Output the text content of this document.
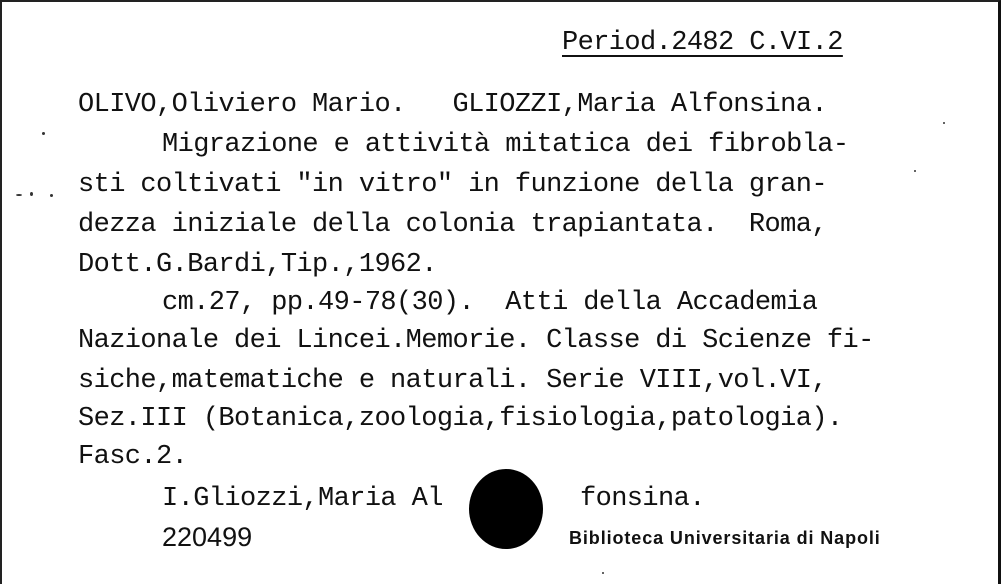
Period.2482 C.VI.2
OLIVO,Oliviero Mario.   GLIOZZI,Maria Alfonsina.
Migrazione e attività mitatica dei fibrobla-
sti coltivati "in vitro" in funzione della gran-
dezza iniziale della colonia trapiantata.  Roma,
Dott.G.Bardi,Tip.,1962.
cm.27, pp.49-78(30).  Atti della Accademia
Nazionale dei Lincei.Memorie. Classe di Scienze fi-
siche,matematiche e naturali. Serie VIII,vol.VI,
Sez.III (Botanica,zoologia,fisiologia,patologia).
Fasc.2.
I.Gliozzi,Maria Al	fonsina.
220499	Biblioteca Universitaria di Napoli
